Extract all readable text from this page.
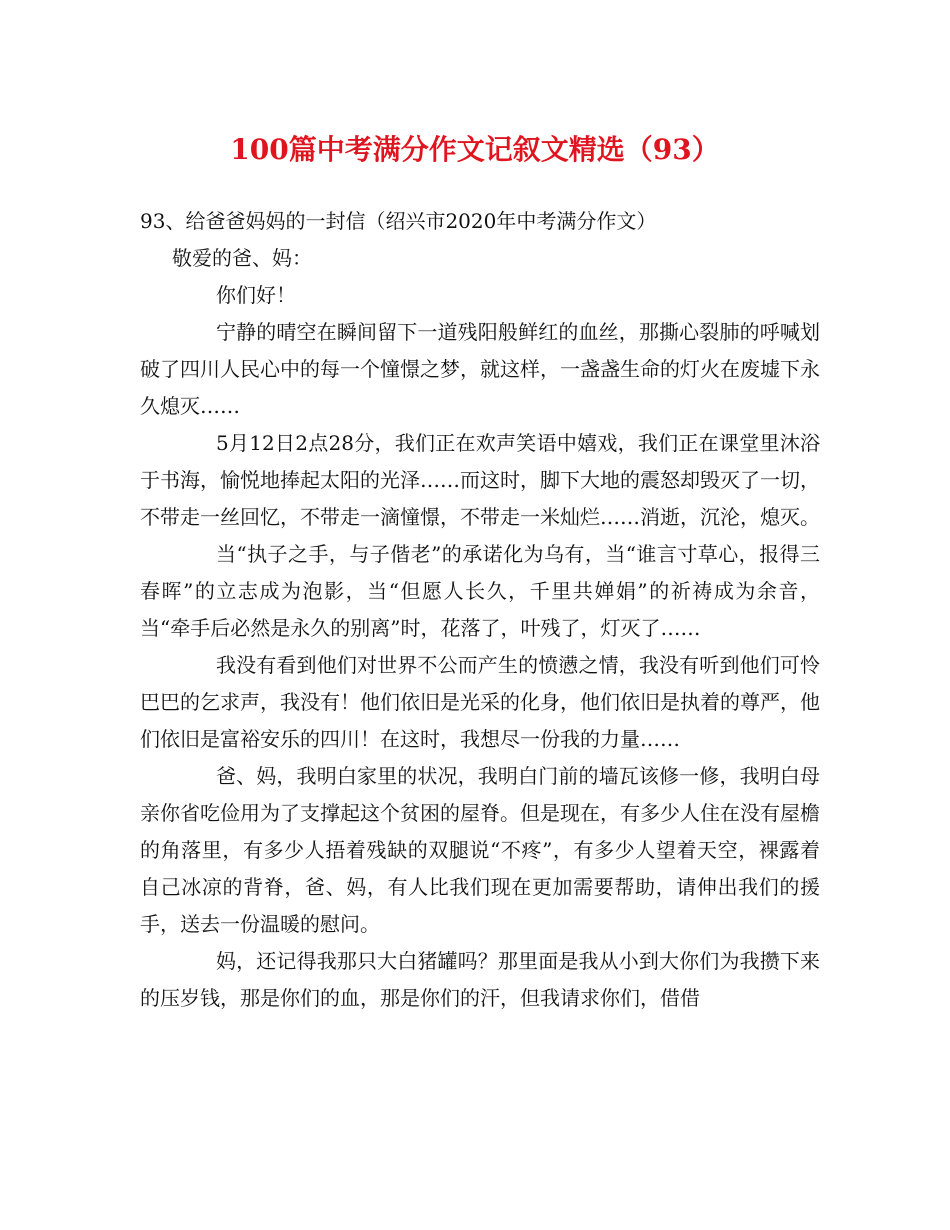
100篇中考满分作文记叙文精选（93）

93、给爸爸妈妈的一封信（绍兴市2020年中考满分作文）

敬爱的爸、妈：

你们好！

宁静的晴空在瞬间留下一道残阳般鲜红的血丝，那撕心裂肺的呼喊划破了四川人民心中的每一个憧憬之梦，就这样，一盏盏生命的灯火在废墟下永久熄灭……

5月12日2点28分，我们正在欢声笑语中嬉戏，我们正在课堂里沐浴于书海，愉悦地捧起太阳的光泽……而这时，脚下大地的震怒却毁灭了一切，不带走一丝回忆，不带走一滴憧憬，不带走一米灿烂……消逝，沉沦，熄灭。

当“执子之手，与子偕老”的承诺化为乌有，当“谁言寸草心，报得三春晖”的立志成为泡影，当“但愿人长久，千里共婵娟”的祈祷成为余音，当“牵手后必然是永久的别离”时，花落了，叶残了，灯灭了……

我没有看到他们对世界不公而产生的愤懑之情，我没有听到他们可怜巴巴的乞求声，我没有！他们依旧是光采的化身，他们依旧是执着的尊严，他们依旧是富裕安乐的四川！在这时，我想尽一份我的力量……

爸、妈，我明白家里的状况，我明白门前的墙瓦该修一修，我明白母亲你省吃俭用为了支撑起这个贫困的屋脊。但是现在，有多少人住在没有屋檐的角落里，有多少人捂着残缺的双腿说“不疼”，有多少人望着天空，裸露着自己冰凉的背脊，爸、妈，有人比我们现在更加需要帮助，请伸出我们的援手，送去一份温暖的慰问。

妈，还记得我那只大白猪罐吗？那里面是我从小到大你们为我攒下来的压岁钱，那是你们的血，那是你们的汗，但我请求你们，借借
